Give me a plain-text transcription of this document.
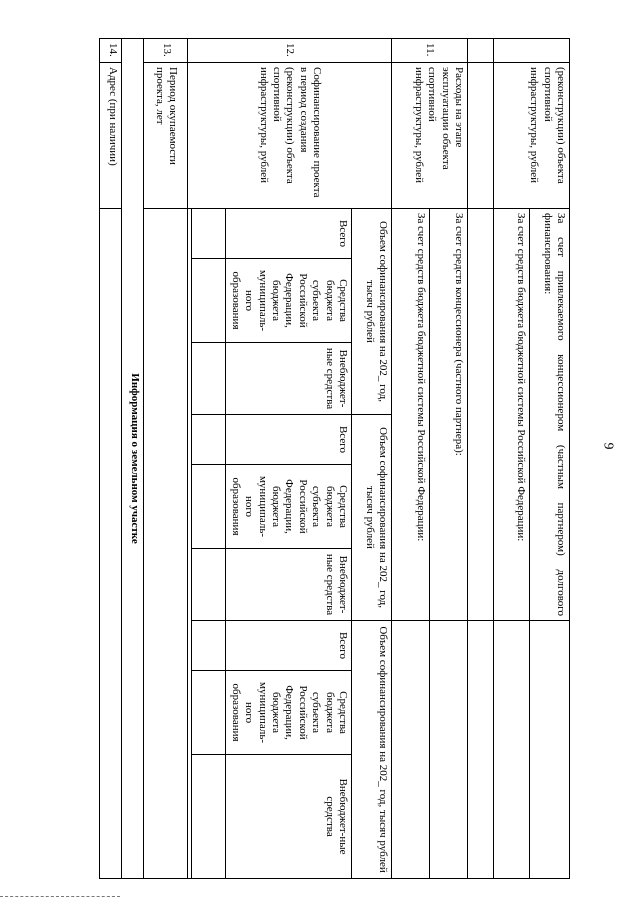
9
	(реконструкции) объекта спортивной инфраструктуры, рублей	За счет привлекаемого концессионером (частным партнером) долгового финансирования:								
		За счет средств бюджета бюджетной системы Российской Федерации:								

11.	Расходы на этапе эксплуатации объекта спортивной инфраструктуры, рублей	За счет средств концессионера (частного партнера):								
		За счет средств бюджета бюджетной системы Российской Федерации:								
12.	Софинансирование проекта в период создания (реконструкции) объекта спортивной инфраструктуры, рублей	Объем софинансирования на 202_ год, тысяч рублей			Объем софинансирования на 202_ год, тысяч рублей			Объем софинансирования на 202_ год, тысяч рублей		
		Всего	Средства бюджета субъекта Российской Федерации, бюджета муниципаль-ного образования	Внебюджет-ные средства	Всего	Средства бюджета субъекта Российской Федерации, бюджета муниципаль-ного образования	Внебюджет-ные средства	Всего	Средства бюджета субъекта Российской Федерации, бюджета муниципаль-ного образования	Внебюджет-ные средства

13.	Период окупаемости проекта, лет									
Информация о земельном участке										
14.	Адрес (при наличии)									
